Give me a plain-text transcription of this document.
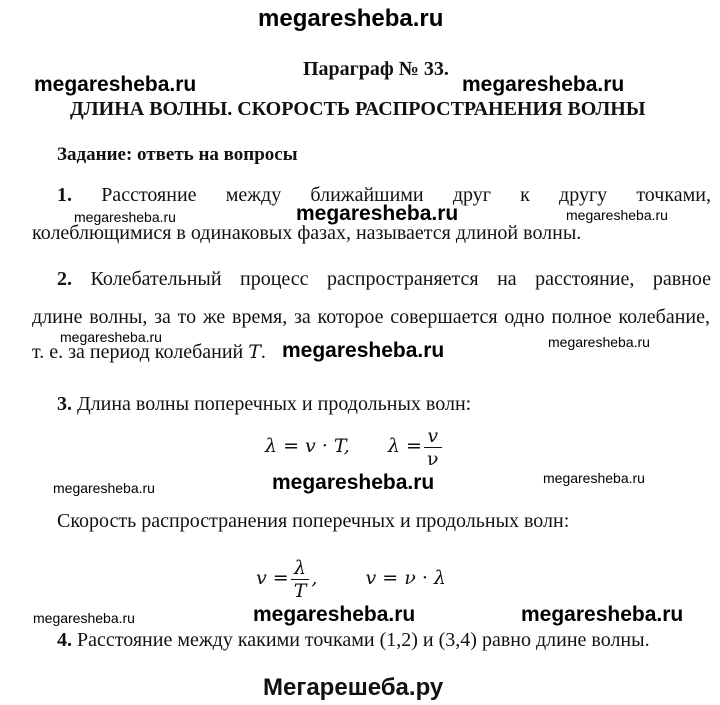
megaresheba.ru
megaresheba.ru
Параграф № 33.
megaresheba.ru
ДЛИНА ВОЛНЫ. СКОРОСТЬ РАСПРОСТРАНЕНИЯ ВОЛНЫ
Задание: ответь на вопросы
1. Расстояние между ближайшими друг к другу точками,
megaresheba.ru	megaresheba.ru	megaresheba.ru
колеблющимися в одинаковых фазах, называется длиной волны.
2. Колебательный процесс распространяется на расстояние, равное
длине волны, за то же время, за которое совершается одно полное колебание,
megaresheba.ru
т. е. за период колебаний T. megaresheba.ru	megaresheba.ru
3. Длина волны поперечных и продольных волн:
λ = v · T, $\lambda = \frac{v}{\nu}$
megaresheba.ru	megaresheba.ru	megaresheba.ru
Скорость распространения поперечных и продольных волн:
$v = \frac{\lambda}{T}$ ,	v = ν · λ
megaresheba.ru	megaresheba.ru	megaresheba.ru
4. Расстояние между какими точками (1,2) и (3,4) равно длине волны.
Мегарешеба.ру
